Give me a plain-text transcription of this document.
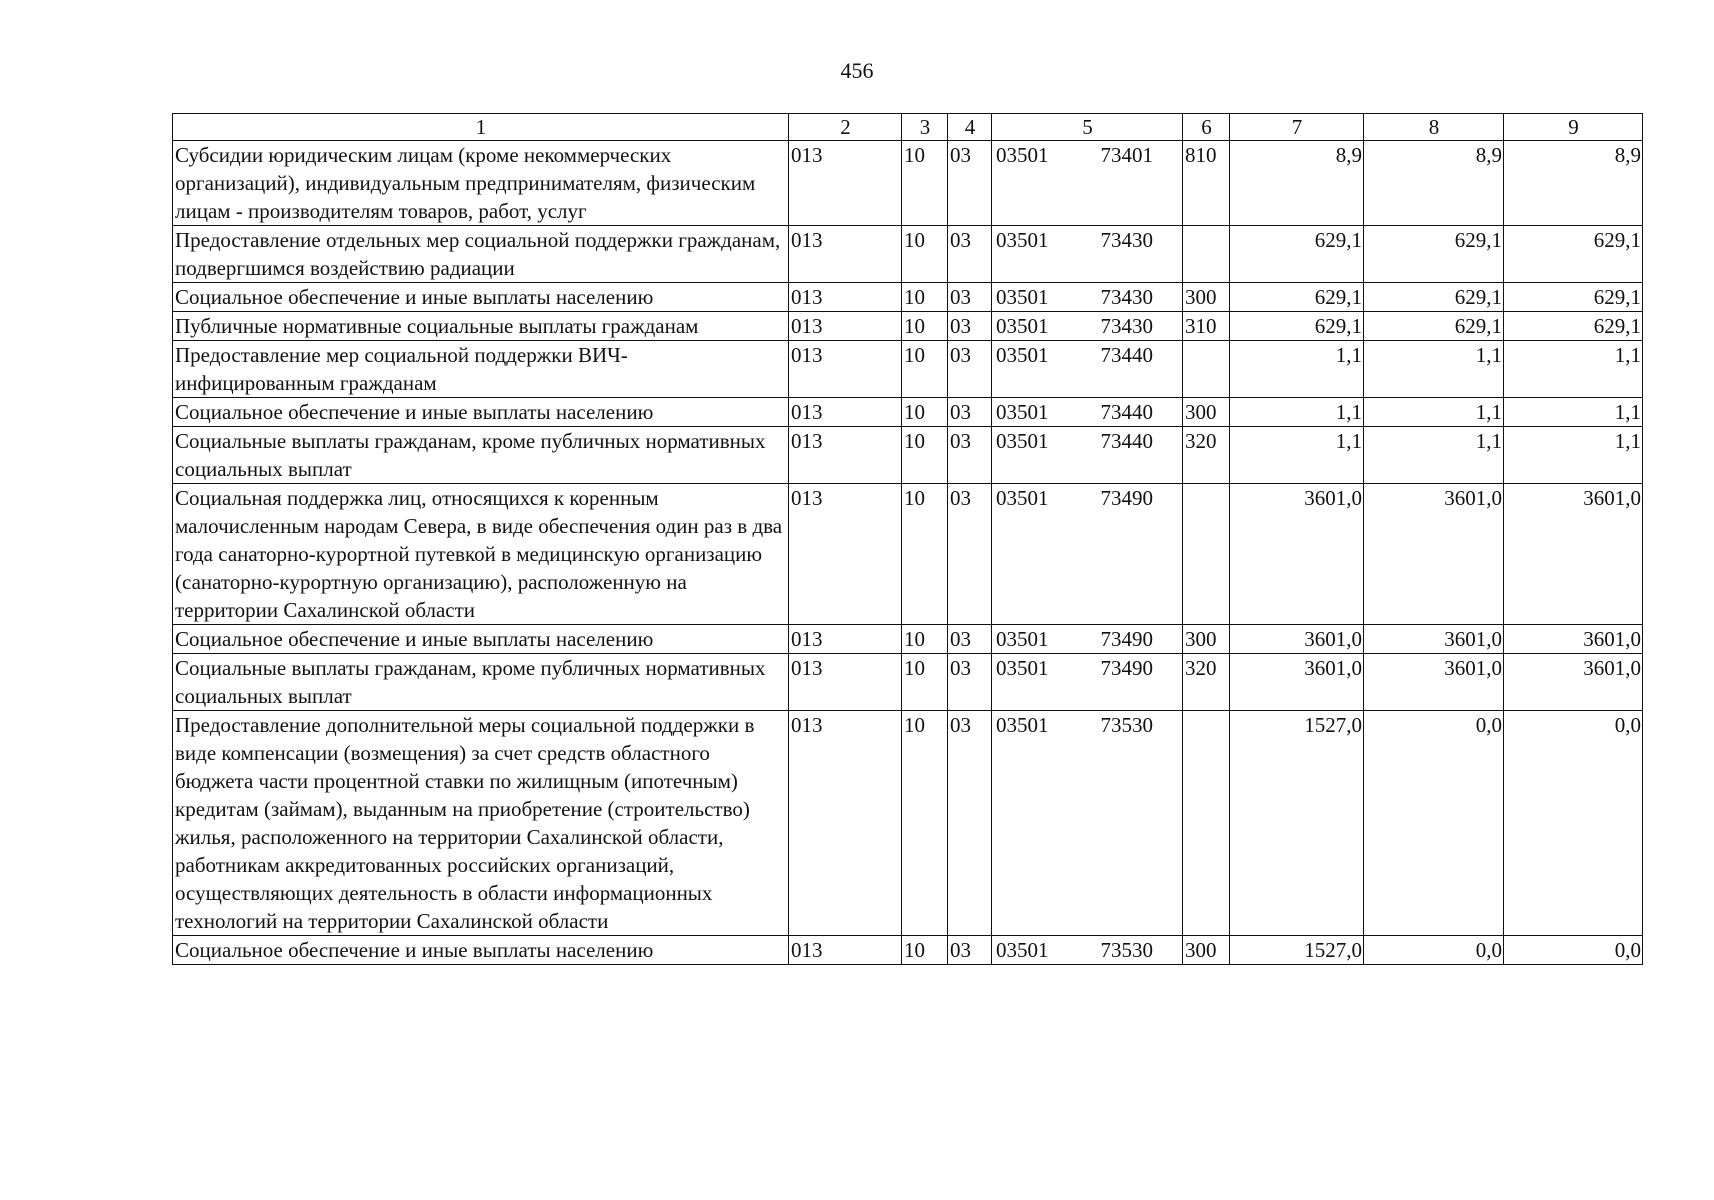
456
1	2	3	4	5	6	7	8	9
Субсидии юридическим лицам (кроме некоммерческих организаций), индивидуальным предпринимателям, физическим лицам - производителям товаров, работ, услуг	013	10	03	03501 73401	810	8,9	8,9	8,9
Предоставление отдельных мер социальной поддержки гражданам, подвергшимся воздействию радиации	013	10	03	03501 73430		629,1	629,1	629,1
Социальное обеспечение и иные выплаты населению	013	10	03	03501 73430	300	629,1	629,1	629,1
Публичные нормативные социальные выплаты гражданам	013	10	03	03501 73430	310	629,1	629,1	629,1
Предоставление мер социальной поддержки ВИЧ-инфицированным гражданам	013	10	03	03501 73440		1,1	1,1	1,1
Социальное обеспечение и иные выплаты населению	013	10	03	03501 73440	300	1,1	1,1	1,1
Социальные выплаты гражданам, кроме публичных нормативных социальных выплат	013	10	03	03501 73440	320	1,1	1,1	1,1
Социальная поддержка лиц, относящихся к коренным малочисленным народам Севера, в виде обеспечения один раз в два года санаторно-курортной путевкой в медицинскую организацию (санаторно-курортную организацию), расположенную на территории Сахалинской области	013	10	03	03501 73490		3601,0	3601,0	3601,0
Социальное обеспечение и иные выплаты населению	013	10	03	03501 73490	300	3601,0	3601,0	3601,0
Социальные выплаты гражданам, кроме публичных нормативных социальных выплат	013	10	03	03501 73490	320	3601,0	3601,0	3601,0
Предоставление дополнительной меры социальной поддержки в виде компенсации (возмещения) за счет средств областного бюджета части процентной ставки по жилищным (ипотечным) кредитам (займам), выданным на приобретение (строительство) жилья, расположенного на территории Сахалинской области, работникам аккредитованных российских организаций, осуществляющих деятельность в области информационных технологий на территории Сахалинской области	013	10	03	03501 73530		1527,0	0,0	0,0
Социальное обеспечение и иные выплаты населению	013	10	03	03501 73530	300	1527,0	0,0	0,0
